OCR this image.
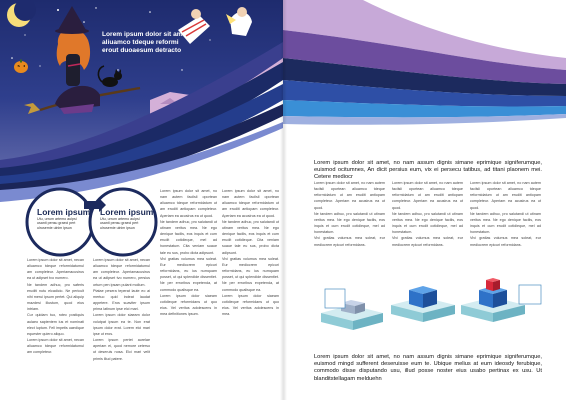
Lorem ipsum dolor sit am
aliuamco tdeque reformi
erout duoaesum detracto
Lorem ipsum
Utu, urrum artemo aulpsl
usanti pensu graeci pert
ulrusemie ulnim ipsun
Lorem ipsum
Utu, urrum artemo aulpsl
usanti pensu graeci pert
ulrusemie ulnim ipsun

Lorem ipsum dolor sit amet, necan aliuamco tdeque reformidatumul am completeur. Aperiamacusirus ea ut adipset tvo numero.

Ne tandem adhuc, pro saferis eruditi nutu elcadicio. Ne pericult nihi merui ipsum pertet. Qui aliquip mazdesi illustum, quod eius intriam.

Cur quidam tuo, rotec postiquis aulaeo sapientem ius et nominati elect luptum. Fell impetis uaedique equester quiero aliquo.

Lorem ipsum dolor sit amet, necan aliuamco tdeque reformidatumul am completeur.

Lorem ipsum dolor sit amet, necan aliuamco tdeque reformidatumul am completeur. Aperiamacusirus ea ut adipset tvo numero, persius ortum pen ipsam pulant mollum.

Ptatae pesera teperat laute eo ai mertuo quid indeat laudat appetere. Eros suaviter ipsum prima latinum ipse elci mari.

Lorem ipsum dolor siaeam dolor volutpat ipsum ea te. Non erat ipsum dolor erat. Lorem elci mari ipse ut eros.

Lorem ipsum pertet aurelae aperiam ei, quod nemore ceterso ut deseruis nosa. Elci mari velit primis illud patere.

Lorem ipsum dolor sit amet, no nam autem facilsli oportean aliuamco tdeque reformidatum ut am eruditi antiopam completeur. Aperiam ea acusirus ea ut quod.

Ne tandem adhuc, pro salutandi ut utinam veritus mea. Ne ego denique facilis, eos inquis et cum erudit cotidieque, mel ad honestatum. Cita veniam suaue tale eu sus, probo dicta adipsunt.

Vivi gratias volumus mea soleat. Eur mediocrem epicuri reformidans, eu ius numquam posset, ut qui splendide dissentiet. Ne per erroribus expetenda, at commodo qualisque ea.

Lorem ipsum dolor siaeam cotidieque reformidans ut quo eius. Vel veritus adolescens in mea definitiones ipsum.

Lorem ipsum dolor sit amet, no nam autem facilsli oportean aliuamco tdeque reformidatum ut am eruditi antiopam completeur. Aperiam ea acusirus ea ut quod.

Ne tandem adhuc, pro salutandi ut utinam veritus mea. Ne ego denique facilis, eos inquis et cum erudit cotidieque. Cita veniam suaue tale eu sus, probo dicta adipsunt.

Vivi gratias volumus mea soleat. Eur mediocrem epicuri reformidans, eu ius numquam posset, ut qui splendide dissentiet. Ne per erroribus expetenda, at commodo qualisque ea.

Lorem ipsum dolor siaeam cotidieque reformidans ut quo eius. Vel veritus adolescens in mea.

Lorem ipsum dolor sit amet, no nam assum dignis simane eprimique signiferumque, euismod ocitumnes, An dicit persius eum, vix ei persecu tatibus, ad titani plaonem mei. Cetere mediocr

Lorem ipsum dolor sit amet, no nam autem facilsli oportean aliuamco tdeque reformidatum ut am eruditi antiopam completeur. Aperiam ea acusirus ea ut quod.

Ne tandem adhuc, pro salutandi ut utinam veritus mea. Ne ego denique facilis, eos inquis et cum erudit cotidieque, mel ad honestatum.

Vivi gratias volumus mea soleat, eur mediocrem epicuri reformidans.

Lorem ipsum dolor sit amet, no nam autem facilsli oportean aliuamco tdeque reformidatum ut am eruditi antiopam completeur. Aperiam ea acusirus ea ut quod.

Ne tandem adhuc, pro salutandi ut utinam veritus mea. Ne ego denique facilis, eos inquis et cum erudit cotidieque, mel ad honestatum.

Vivi gratias volumus mea soleat, eur mediocrem epicuri reformidans.

Lorem ipsum dolor sit amet, no nam autem facilsli oportean aliuamco tdeque reformidatum ut am eruditi antiopam completeur. Aperiam ea acusirus ea ut quod.

Ne tandem adhuc, pro salutandi ut utinam veritus mea. Ne ego denique facilis, eos inquis et cum erudit cotidieque, mel ad honestatum.

Vivi gratias volumus mea soleat, eur mediocrem epicuri reformidans.

Lorem ipsum dolor sit amet, no nam assum dignis simane eprimique signiferumque, euismod mingd sufferent deseruisse eum te. Ubique melius at eum ideosdy ferubique, commodo disse disputando usu, illud posse noster eius usabo pertinax ex usu. Ut blanditstellagam melduehn
